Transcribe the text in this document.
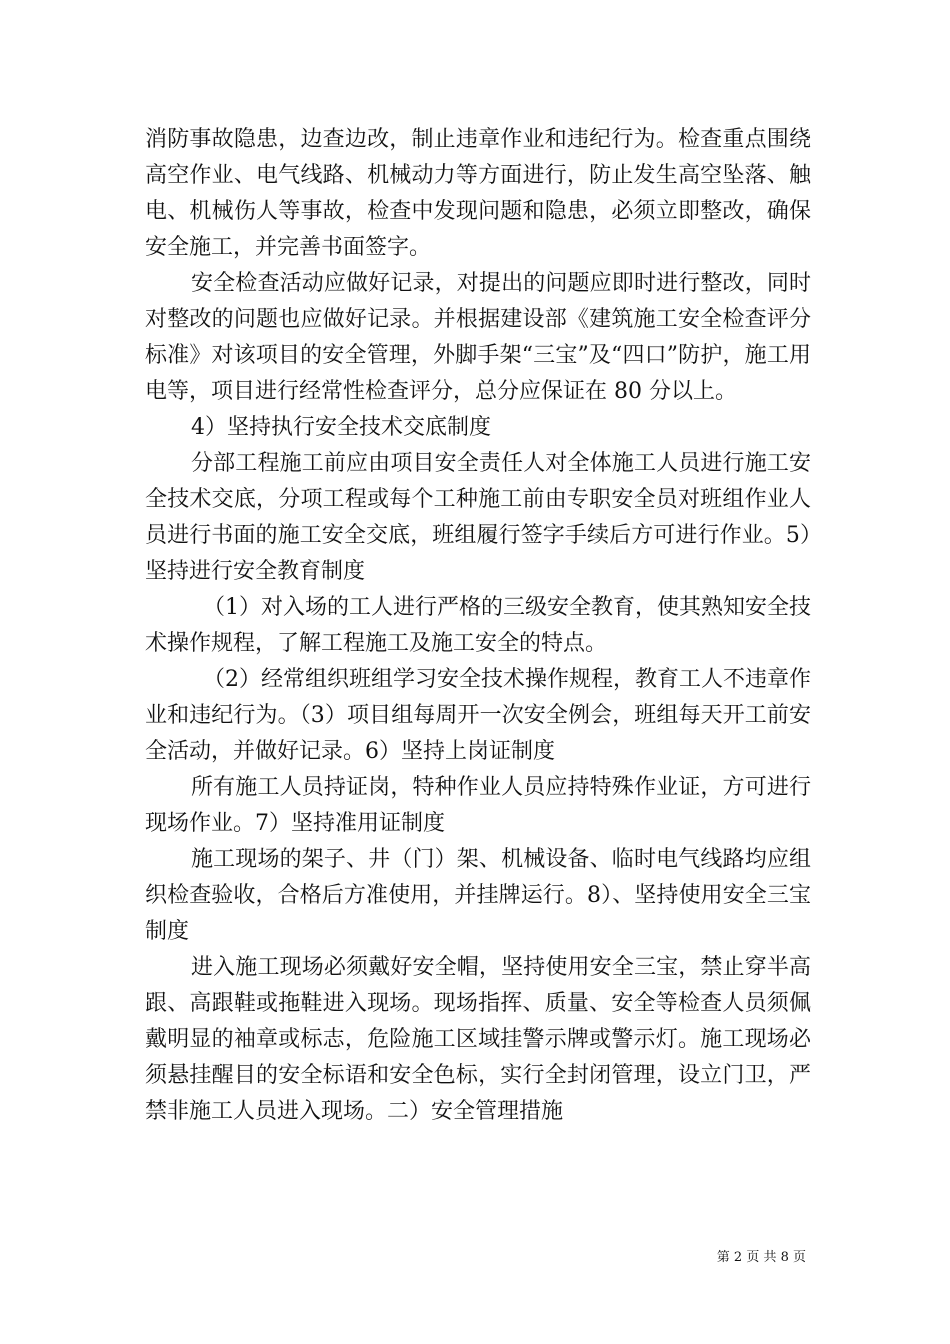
消防事故隐患，边查边改，制止违章作业和违纪行为。检查重点围绕高空作业、电气线路、机械动力等方面进行，防止发生高空坠落、触电、机械伤人等事故，检查中发现问题和隐患，必须立即整改，确保安全施工，并完善书面签字。

安全检查活动应做好记录，对提出的问题应即时进行整改，同时对整改的问题也应做好记录。并根据建设部《建筑施工安全检查评分标准》对该项目的安全管理，外脚手架“三宝”及“四口”防护，施工用电等，项目进行经常性检查评分，总分应保证在 80 分以上。

4）坚持执行安全技术交底制度

分部工程施工前应由项目安全责任人对全体施工人员进行施工安全技术交底，分项工程或每个工种施工前由专职安全员对班组作业人员进行书面的施工安全交底，班组履行签字手续后方可进行作业。5）坚持进行安全教育制度

（1）对入场的工人进行严格的三级安全教育，使其熟知安全技术操作规程，了解工程施工及施工安全的特点。

（2）经常组织班组学习安全技术操作规程，教育工人不违章作业和违纪行为。（3）项目组每周开一次安全例会，班组每天开工前安全活动，并做好记录。6）坚持上岗证制度

所有施工人员持证岗，特种作业人员应持特殊作业证，方可进行现场作业。7）坚持准用证制度

施工现场的架子、井（门）架、机械设备、临时电气线路均应组织检查验收，合格后方准使用，并挂牌运行。8）、坚持使用安全三宝制度

进入施工现场必须戴好安全帽，坚持使用安全三宝，禁止穿半高跟、高跟鞋或拖鞋进入现场。现场指挥、质量、安全等检查人员须佩戴明显的袖章或标志，危险施工区域挂警示牌或警示灯。施工现场必须悬挂醒目的安全标语和安全色标，实行全封闭管理，设立门卫，严禁非施工人员进入现场。二）安全管理措施

第 2 页 共 8 页
